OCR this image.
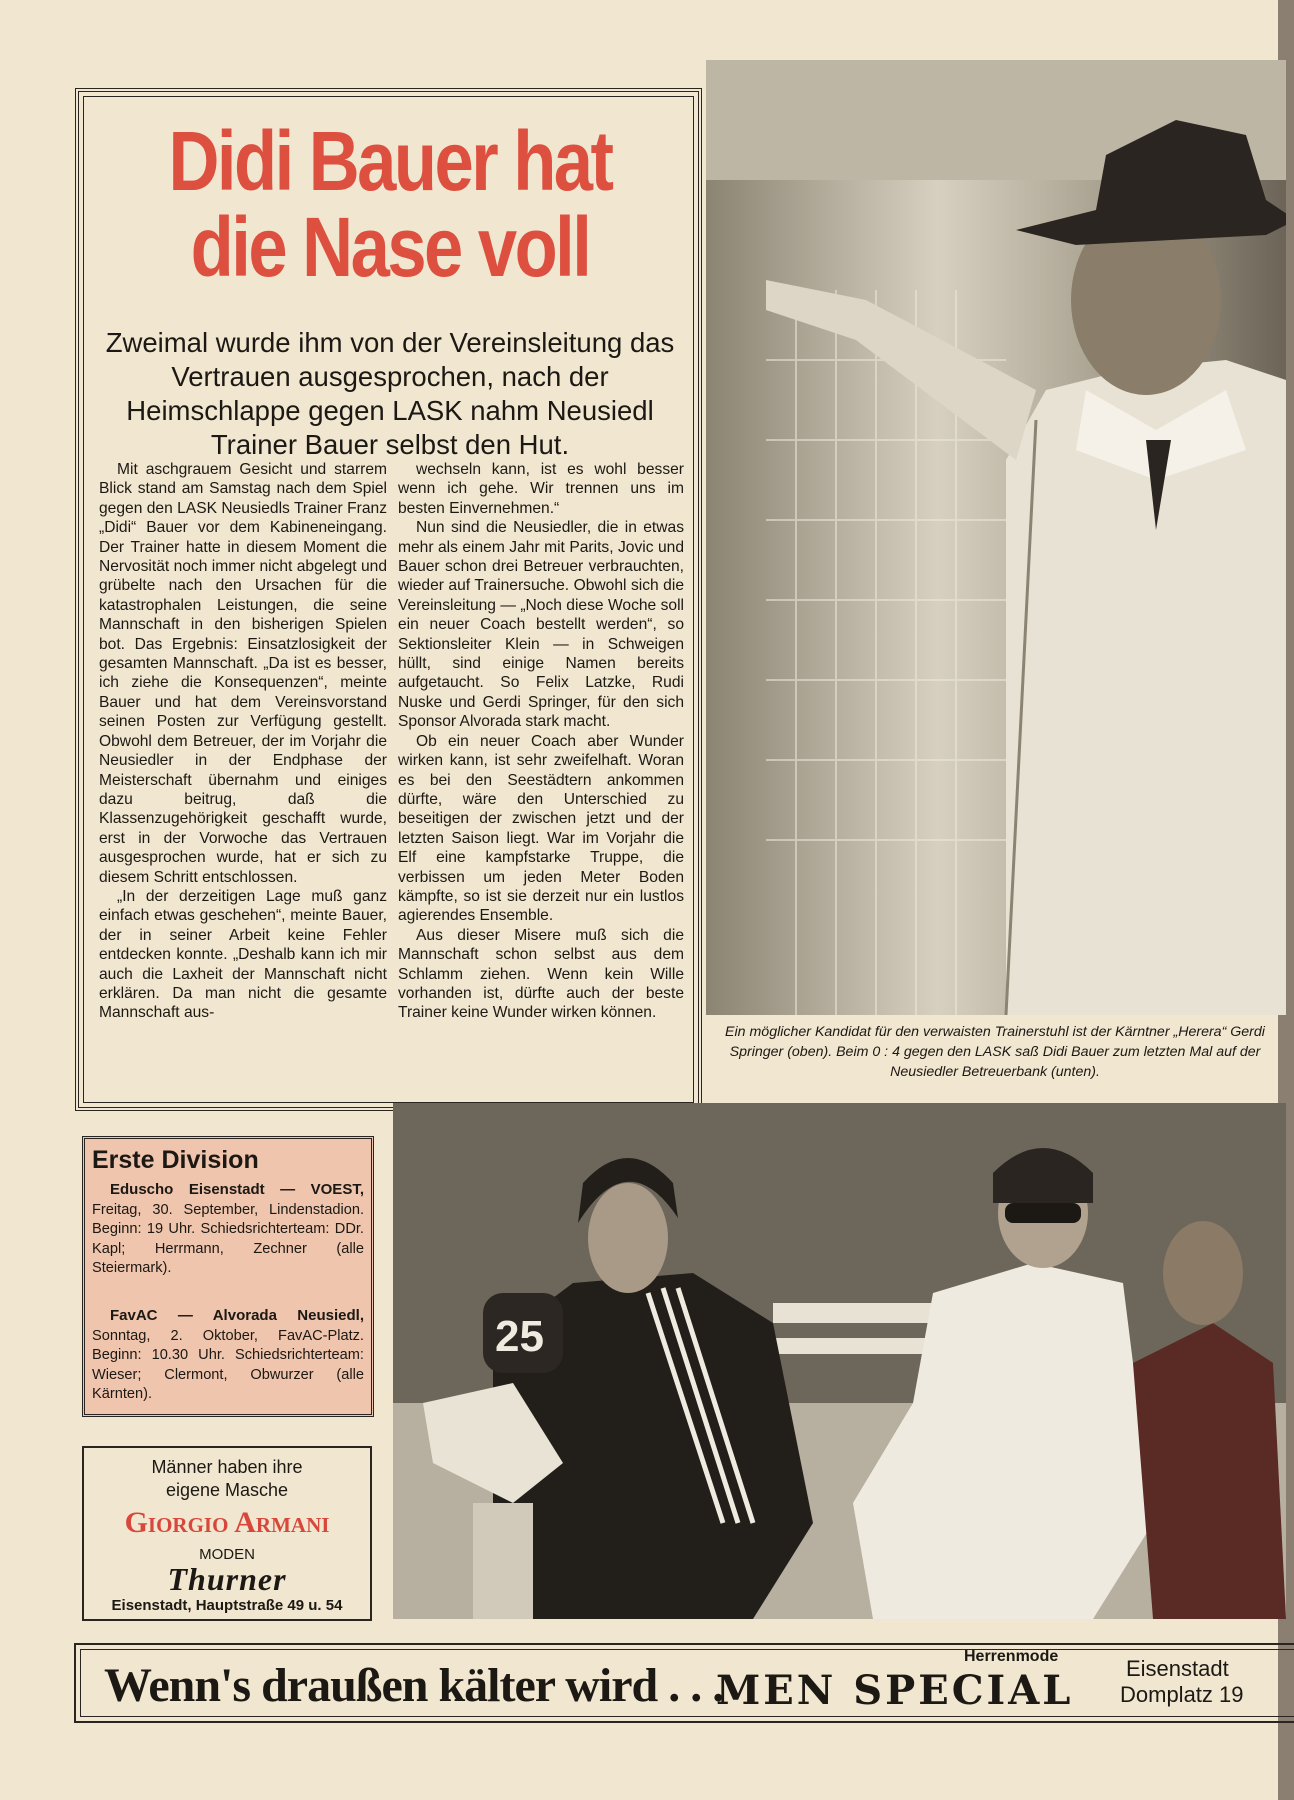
Didi Bauer hat
die Nase voll
Zweimal wurde ihm von der Vereinsleitung das Vertrauen ausgesprochen, nach der Heimschlappe gegen LASK nahm Neusiedl Trainer Bauer selbst den Hut.

Mit aschgrauem Gesicht und starrem Blick stand am Samstag nach dem Spiel gegen den LASK Neusiedls Trainer Franz „Didi“ Bauer vor dem Kabineneingang. Der Trainer hatte in diesem Moment die Nervosität noch immer nicht abgelegt und grübelte nach den Ursachen für die katastrophalen Leistungen, die seine Mannschaft in den bisherigen Spielen bot. Das Ergebnis: Einsatzlosigkeit der gesamten Mannschaft. „Da ist es besser, ich ziehe die Konsequenzen“, meinte Bauer und hat dem Vereinsvorstand seinen Posten zur Verfügung gestellt. Obwohl dem Betreuer, der im Vorjahr die Neusiedler in der Endphase der Meisterschaft übernahm und einiges dazu beitrug, daß die Klassenzugehörigkeit geschafft wurde, erst in der Vorwoche das Vertrauen ausgesprochen wurde, hat er sich zu diesem Schritt entschlossen.

„In der derzeitigen Lage muß ganz einfach etwas geschehen“, meinte Bauer, der in seiner Arbeit keine Fehler entdecken konnte. „Deshalb kann ich mir auch die Laxheit der Mannschaft nicht erklären. Da man nicht die gesamte Mannschaft aus-

wechseln kann, ist es wohl besser wenn ich gehe. Wir trennen uns im besten Einvernehmen.“

Nun sind die Neusiedler, die in etwas mehr als einem Jahr mit Parits, Jovic und Bauer schon drei Betreuer verbrauchten, wieder auf Trainersuche. Obwohl sich die Vereinsleitung — „Noch diese Woche soll ein neuer Coach bestellt werden“, so Sektionsleiter Klein — in Schweigen hüllt, sind einige Namen bereits aufgetaucht. So Felix Latzke, Rudi Nuske und Gerdi Springer, für den sich Sponsor Alvorada stark macht.

Ob ein neuer Coach aber Wunder wirken kann, ist sehr zweifelhaft. Woran es bei den Seestädtern ankommen dürfte, wäre den Unterschied zu beseitigen der zwischen jetzt und der letzten Saison liegt. War im Vorjahr die Elf eine kampfstarke Truppe, die verbissen um jeden Meter Boden kämpfte, so ist sie derzeit nur ein lustlos agierendes Ensemble.

Aus dieser Misere muß sich die Mannschaft schon selbst aus dem Schlamm ziehen. Wenn kein Wille vorhanden ist, dürfte auch der beste Trainer keine Wunder wirken können.

Ein möglicher Kandidat für den verwaisten Trainerstuhl ist der Kärntner „Herera“ Gerdi Springer (oben). Beim 0 : 4 gegen den LASK saß Didi Bauer zum letzten Mal auf der Neusiedler Betreuerbank (unten).
25
Erste Division

Eduscho Eisenstadt — VOEST, Freitag, 30. September, Lindenstadion. Beginn: 19 Uhr. Schiedsrichterteam: DDr. Kapl; Herrmann, Zechner (alle Steiermark).

FavAC — Alvorada Neusiedl, Sonntag, 2. Oktober, FavAC-Platz. Beginn: 10.30 Uhr. Schiedsrichterteam: Wieser; Clermont, Obwurzer (alle Kärnten).

Männer haben ihre
eigene Masche
Giorgio Armani
MODEN
Thurner
Eisenstadt, Hauptstraße 49 u. 54
Wenn's draußen kälter wird . . .
Herrenmode
MEN SPECIAL Eisenstadt
Domplatz 19
